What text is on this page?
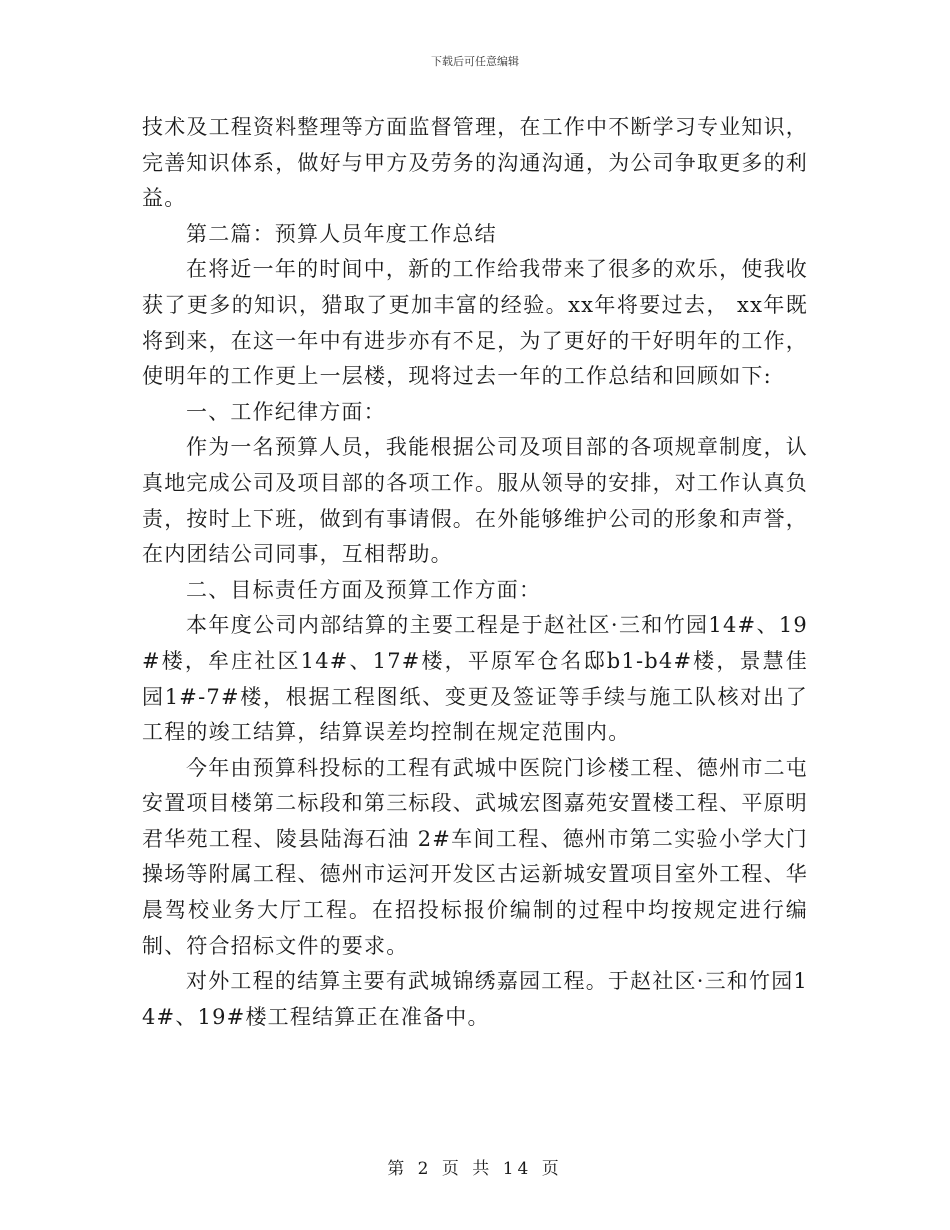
下载后可任意编辑

技术及工程资料整理等方面监督管理，在工作中不断学习专业知识，完善知识体系，做好与甲方及劳务的沟通沟通，为公司争取更多的利益。

第二篇：预算人员年度工作总结

在将近一年的时间中，新的工作给我带来了很多的欢乐，使我收获了更多的知识，猎取了更加丰富的经验。xx年将要过去， xx年既将到来，在这一年中有进步亦有不足，为了更好的干好明年的工作，使明年的工作更上一层楼，现将过去一年的工作总结和回顾如下:

一、工作纪律方面：

作为一名预算人员，我能根据公司及项目部的各项规章制度，认真地完成公司及项目部的各项工作。服从领导的安排，对工作认真负责，按时上下班，做到有事请假。在外能够维护公司的形象和声誉，在内团结公司同事，互相帮助。

二、目标责任方面及预算工作方面：

本年度公司内部结算的主要工程是于赵社区·三和竹园14#、19#楼，牟庄社区14#、17#楼，平原军仓名邸b1-b4#楼，景慧佳园1#-7#楼，根据工程图纸、变更及签证等手续与施工队核对出了工程的竣工结算，结算误差均控制在规定范围内。

今年由预算科投标的工程有武城中医院门诊楼工程、德州市二屯安置项目楼第二标段和第三标段、武城宏图嘉苑安置楼工程、平原明君华苑工程、陵县陆海石油 2#车间工程、德州市第二实验小学大门操场等附属工程、德州市运河开发区古运新城安置项目室外工程、华晨驾校业务大厅工程。在招投标报价编制的过程中均按规定进行编制、符合招标文件的要求。

对外工程的结算主要有武城锦绣嘉园工程。于赵社区·三和竹园14#、19#楼工程结算正在准备中。

第 2 页 共 14 页
